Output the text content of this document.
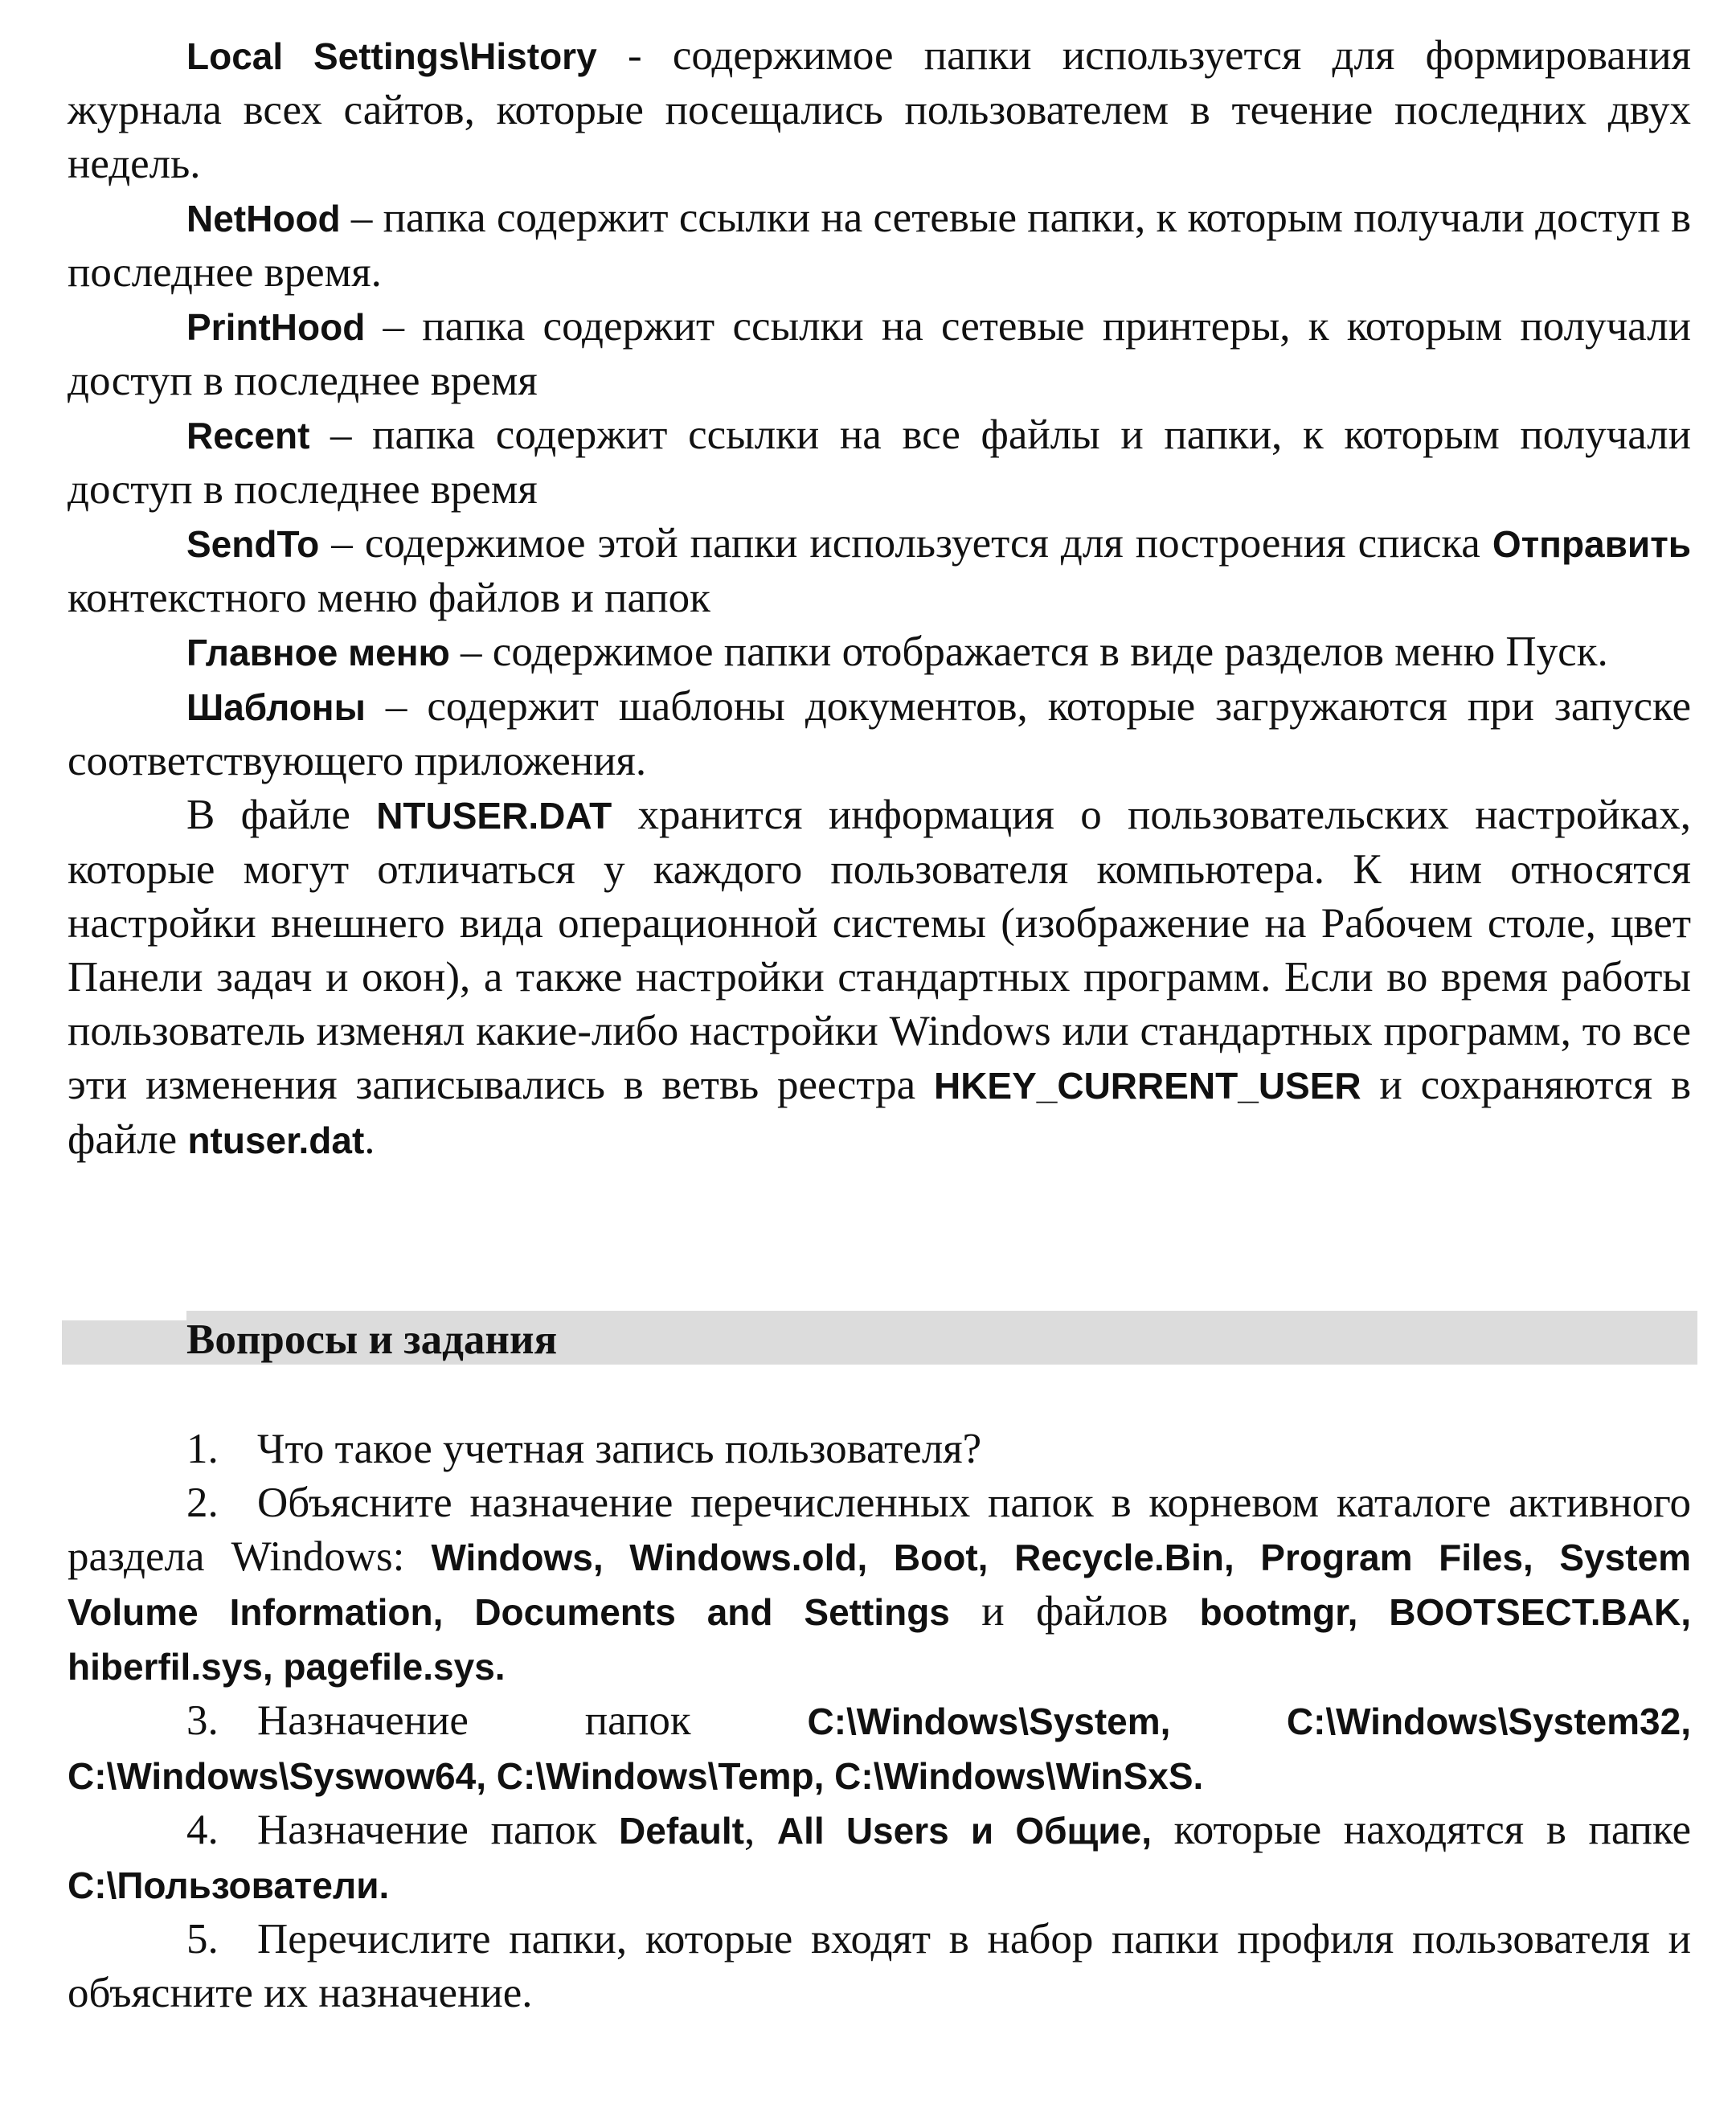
Local Settings\History - содержимое папки используется для формирования журнала всех сайтов, которые посещались пользователем в течение последних двух недель.

NetHood – папка содержит ссылки на сетевые папки, к которым получали доступ в последнее время.

PrintHood – папка содержит ссылки на сетевые принтеры, к которым получали доступ в последнее время

Recent – папка содержит ссылки на все файлы и папки, к которым получали доступ в последнее время

SendTo – содержимое этой папки используется для построения списка Отправить контекстного меню файлов и папок

Главное меню – содержимое папки отображается в виде разделов меню Пуск.

Шаблоны – содержит шаблоны документов, которые загружаются при запуске соответствующего приложения.

В файле NTUSER.DAT хранится информация о пользовательских настройках, которые могут отличаться у каждого пользователя компьютера. К ним относятся настройки внешнего вида операционной системы (изображение на Рабочем столе, цвет Панели задач и окон), а также настройки стандартных программ. Если во время работы пользователь изменял какие-либо настройки Windows или стандартных программ, то все эти изменения записывались в ветвь реестра HKEY_CURRENT_USER и сохраняются в файле ntuser.dat.

Вопросы и задания

1. Что такое учетная запись пользователя?

2. Объясните назначение перечисленных папок в корневом каталоге активного раздела Windows: Windows, Windows.old, Boot, Recycle.Bin, Program Files, System Volume Information, Documents and Settings и файлов bootmgr, BOOTSECT.BAK, hiberfil.sys, pagefile.sys.

3. Назначение папок C:\Windows\System, C:\Windows\System32, C:\Windows\Syswow64, C:\Windows\Temp, C:\Windows\WinSxS.

4. Назначение папок Default, All Users и Общие, которые находятся в папке C:\Пользователи.

5. Перечислите папки, которые входят в набор папки профиля пользователя и объясните их назначение.
